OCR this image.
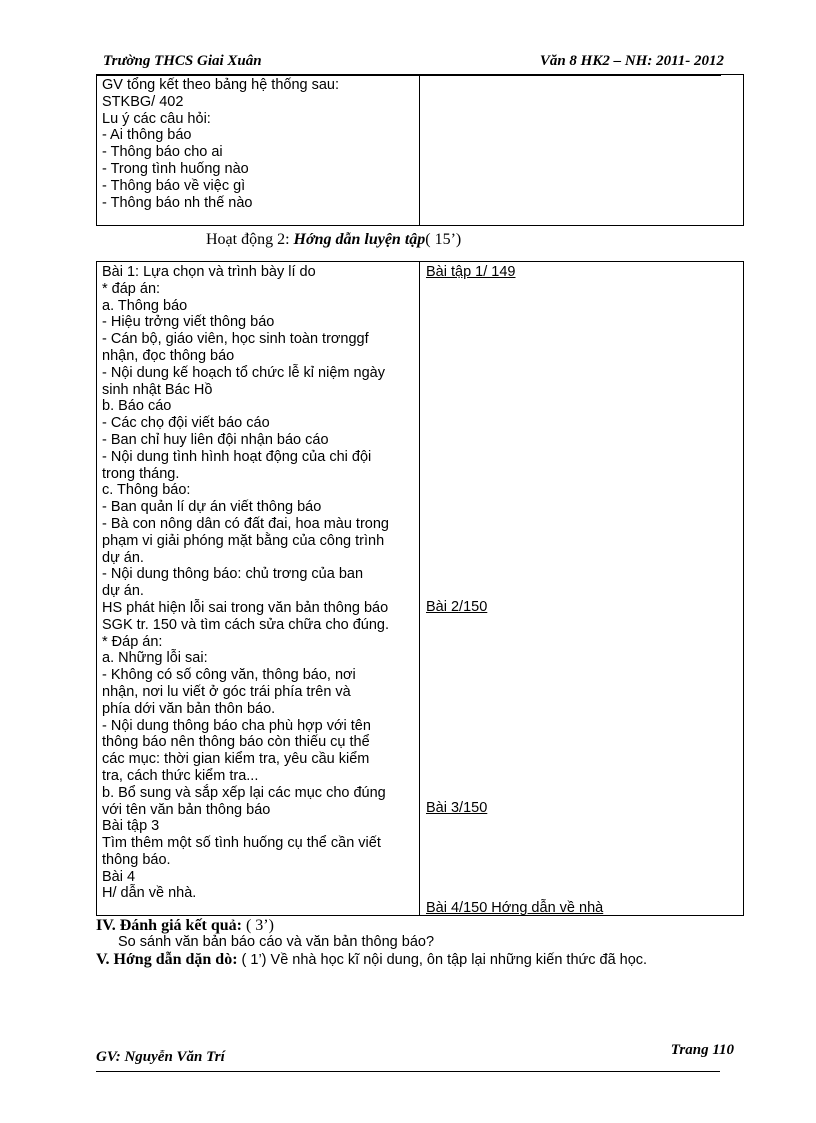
Trường THCS Giai Xuân	Văn 8 HK2 – NH: 2011- 2012
GV tổng kết theo bảng hệ thống sau:
STKBG/ 402
Lu ý các câu hỏi:
- Ai thông báo
- Thông báo cho ai
- Trong tình huống nào
- Thông báo về việc gì
- Thông báo nh thế nào

Hoạt động 2: Hớng dẫn luyện tập( 15’)
Bài 1: Lựa chọn và trình bày lí do
* đáp án:
a. Thông báo
- Hiệu trởng viết thông báo
- Cán bộ, giáo viên, học sinh toàn trơnggf
nhận, đọc thông báo
- Nội dung kế hoạch tổ chức lễ kỉ niệm ngày
sinh nhật Bác Hồ
b. Báo cáo
- Các chọ đội viết báo cáo
- Ban chỉ huy liên đội nhận báo cáo
- Nội dung tình hình hoạt động của chi đội
trong tháng.
c. Thông báo:
- Ban quản lí dự án viết thông báo
- Bà con nông dân có đất đai, hoa màu trong
phạm vi giải phóng mặt bằng của công trình
dự án.
- Nội dung thông báo: chủ trơng của ban
dự án.
HS phát hiện lỗi sai trong văn bản thông báo
SGK tr. 150 và tìm cách sửa chữa cho đúng.
* Đáp án:
a. Những lỗi sai:
- Không có số công văn, thông báo, nơi
nhận, nơi lu viết ở góc trái phía trên và
phía dới văn bản thôn báo.
- Nội dung thông báo cha phù hợp với tên
thông báo nên thông báo còn thiếu cụ thể
các mục: thời gian kiểm tra, yêu cầu kiểm
tra, cách thức kiểm tra...
b. Bổ sung và sắp xếp lại các mục cho đúng
với tên văn bản thông báo
Bài tập 3
Tìm thêm một số tình huống cụ thể cần viết
thông báo.
Bài 4
H/ dẫn về nhà.

Bài tập 1/ 149
Bài 2/150
Bài 3/150
Bài 4/150 Hớng dẫn về nhà
IV. Đánh giá kết quả: ( 3’)
So sánh văn bản báo cáo và văn bản thông báo?
V. Hớng dẫn dặn dò: ( 1’) Về nhà học kĩ nội dung, ôn tập lại những kiến thức đã học.
Trang 110
GV: Nguyễn Văn Trí
